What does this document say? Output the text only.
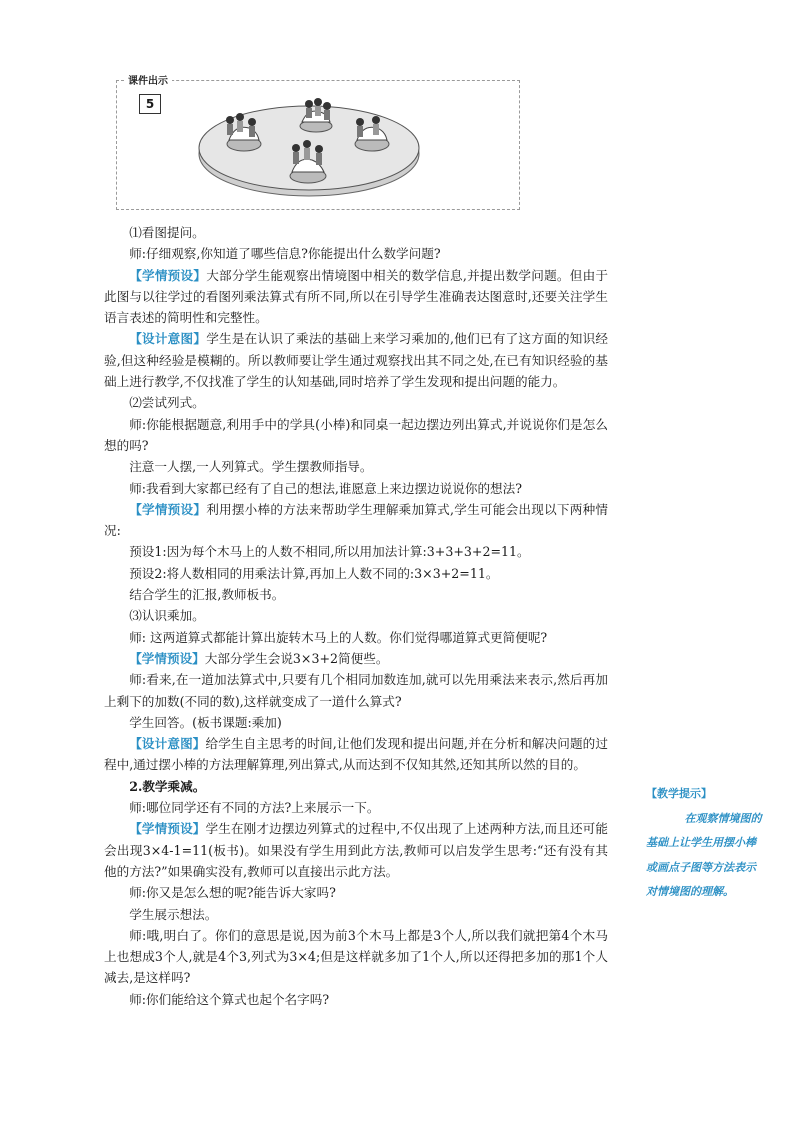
课件出示
5

⑴看图提问。

师:仔细观察,你知道了哪些信息?你能提出什么数学问题?

【学情预设】大部分学生能观察出情境图中相关的数学信息,并提出数学问题。但由于此图与以往学过的看图列乘法算式有所不同,所以在引导学生准确表达图意时,还要关注学生语言表述的简明性和完整性。

【设计意图】学生是在认识了乘法的基础上来学习乘加的,他们已有了这方面的知识经验,但这种经验是模糊的。所以教师要让学生通过观察找出其不同之处,在已有知识经验的基础上进行教学,不仅找准了学生的认知基础,同时培养了学生发现和提出问题的能力。

⑵尝试列式。

师:你能根据题意,利用手中的学具(小棒)和同桌一起边摆边列出算式,并说说你们是怎么想的吗?

注意一人摆,一人列算式。学生摆教师指导。

师:我看到大家都已经有了自己的想法,谁愿意上来边摆边说说你的想法?

【学情预设】利用摆小棒的方法来帮助学生理解乘加算式,学生可能会出现以下两种情况:

预设1:因为每个木马上的人数不相同,所以用加法计算:3+3+3+2=11。

预设2:将人数相同的用乘法计算,再加上人数不同的:3×3+2=11。

结合学生的汇报,教师板书。

⑶认识乘加。

师: 这两道算式都能计算出旋转木马上的人数。你们觉得哪道算式更简便呢?

【学情预设】大部分学生会说3×3+2简便些。

师:看来,在一道加法算式中,只要有几个相同加数连加,就可以先用乘法来表示,然后再加上剩下的加数(不同的数),这样就变成了一道什么算式?

学生回答。(板书课题:乘加)

【设计意图】给学生自主思考的时间,让他们发现和提出问题,并在分析和解决问题的过程中,通过摆小棒的方法理解算理,列出算式,从而达到不仅知其然,还知其所以然的目的。

2.教学乘减。

师:哪位同学还有不同的方法?上来展示一下。

【学情预设】学生在刚才边摆边列算式的过程中,不仅出现了上述两种方法,而且还可能会出现3×4-1=11(板书)。如果没有学生用到此方法,教师可以启发学生思考:“还有没有其他的方法?”如果确实没有,教师可以直接出示此方法。

师:你又是怎么想的呢?能告诉大家吗?

学生展示想法。

师:哦,明白了。你们的意思是说,因为前3个木马上都是3个人,所以我们就把第4个木马上也想成3个人,就是4个3,列式为3×4;但是这样就多加了1个人,所以还得把多加的那1个人减去,是这样吗?

师:你们能给这个算式也起个名字吗?

【教学提示】
在观察情境图的基础上让学生用摆小棒或画点子图等方法表示对情境图的理解。
